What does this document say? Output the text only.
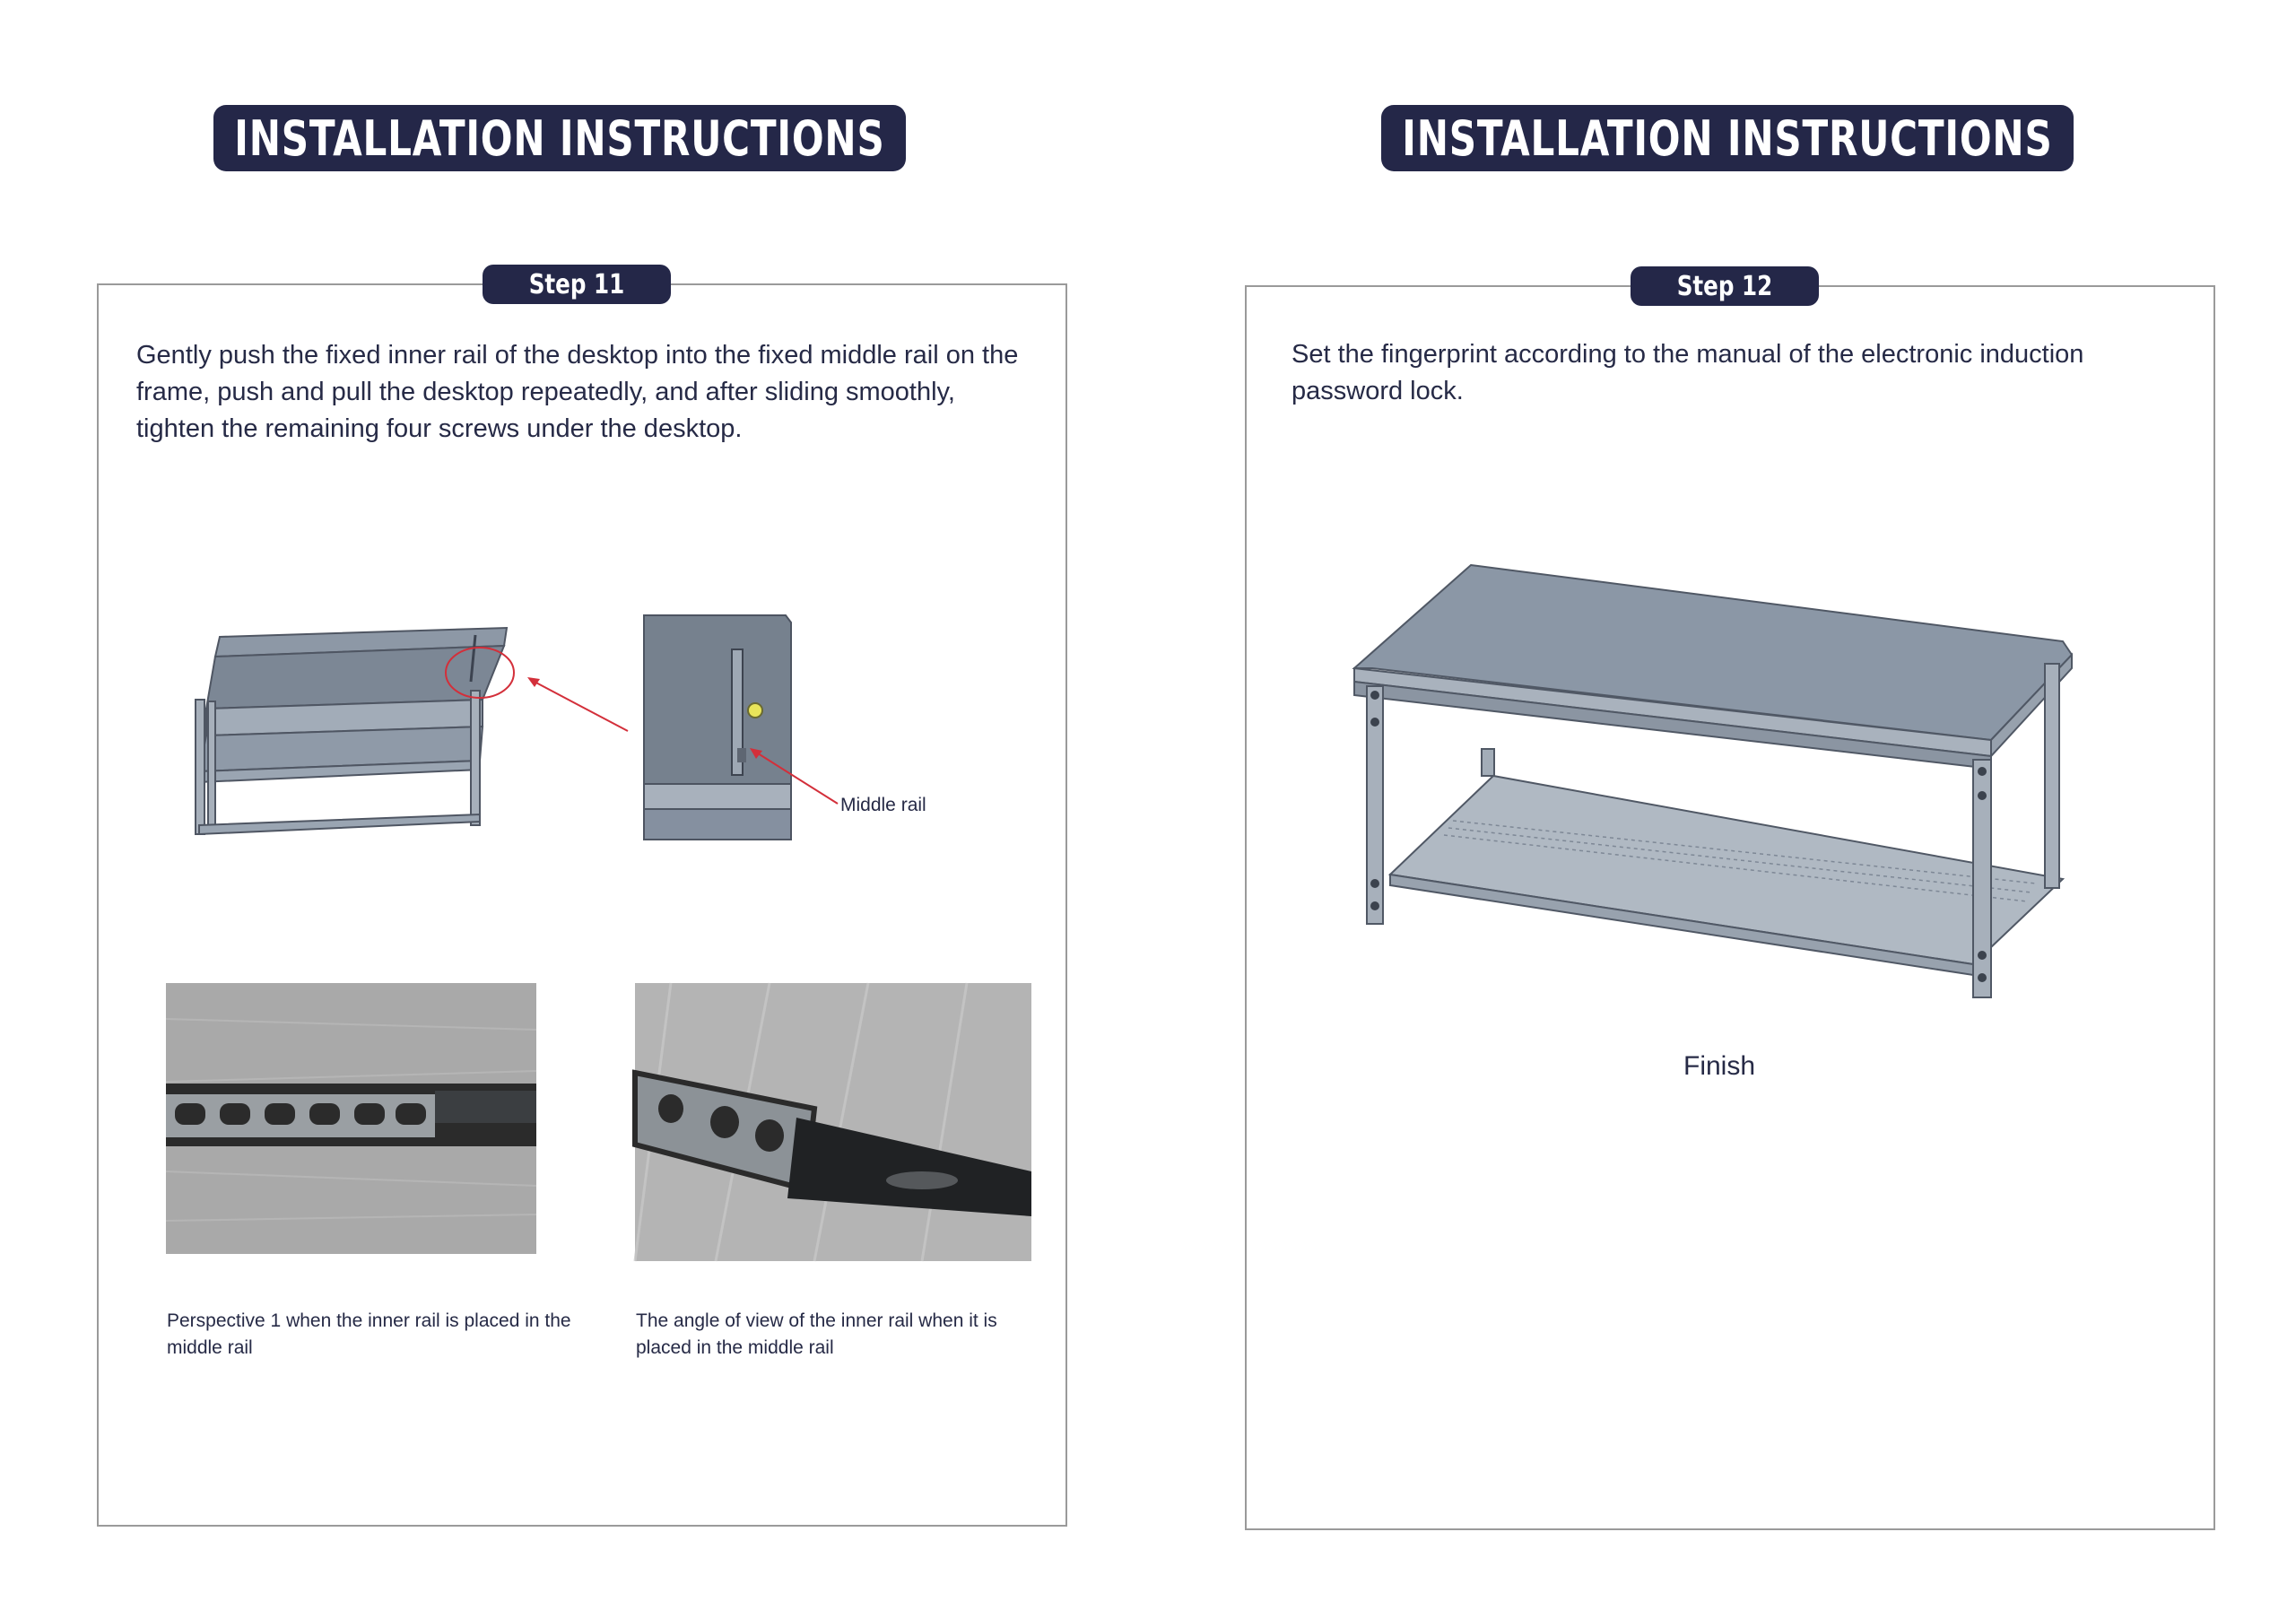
INSTALLATION INSTRUCTIONS
Step 11
Gently push the fixed inner rail of the desktop into the fixed middle rail on the frame, push and pull the desktop repeatedly, and after sliding smoothly, tighten the remaining four screws under the desktop.
Middle rail
Perspective 1 when the inner rail is placed in the middle rail
The angle of view of the inner rail when it is placed in the middle rail
INSTALLATION INSTRUCTIONS
Step 12
Set the fingerprint according to the manual of the electronic induction password lock.
Finish
